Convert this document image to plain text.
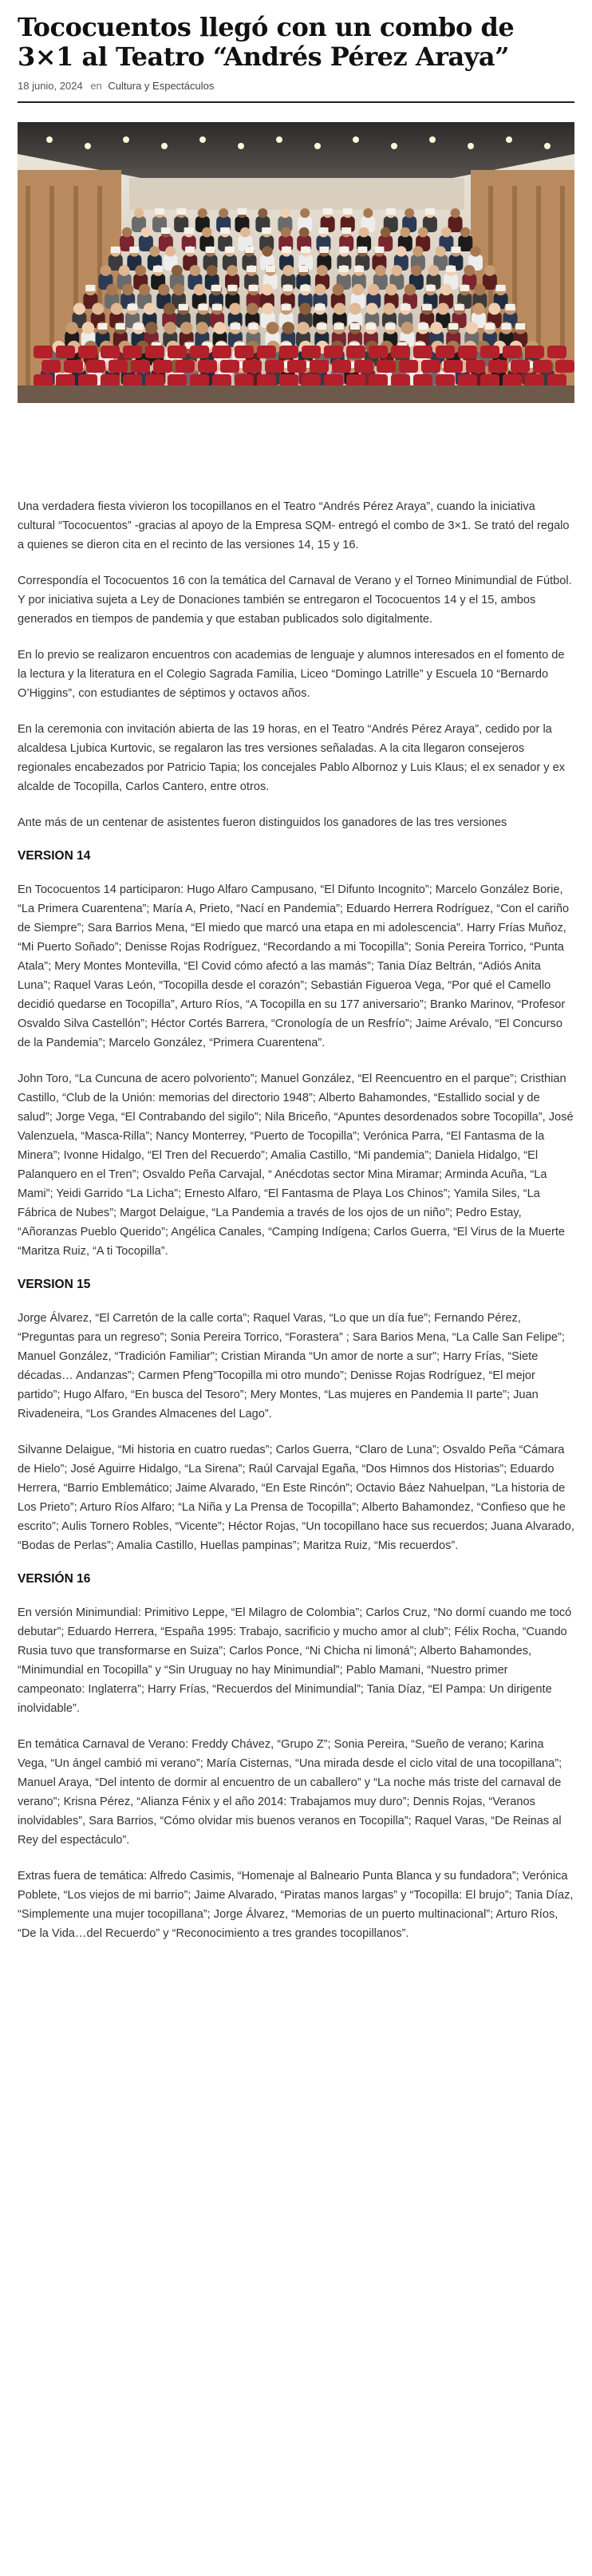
Tococuentos llegó con un combo de 3×1 al Teatro “Andrés Pérez Araya”
18 junio, 2024 en Cultura y Espectáculos

Una verdadera fiesta vivieron los tocopillanos en el Teatro “Andrés Pérez Araya”, cuando la iniciativa cultural “Tococuentos” -gracias al apoyo de la Empresa SQM- entregó el combo de 3×1. Se trató del regalo a quienes se dieron cita en el recinto de las versiones 14, 15 y 16.

Correspondía el Tococuentos 16 con la temática del Carnaval de Verano y el Torneo Minimundial de Fútbol. Y por iniciativa sujeta a Ley de Donaciones también se entregaron el Tococuentos 14 y el 15, ambos generados en tiempos de pandemia y que estaban publicados solo digitalmente.

En lo previo se realizaron encuentros con academias de lenguaje y alumnos interesados en el fomento de la lectura y la literatura en el Colegio Sagrada Familia, Liceo “Domingo Latrille” y Escuela 10 “Bernardo O’Higgins”, con estudiantes de séptimos y octavos años.

En la ceremonia con invitación abierta de las 19 horas, en el Teatro “Andrés Pérez Araya”, cedido por la alcaldesa Ljubica Kurtovic, se regalaron las tres versiones señaladas. A la cita llegaron consejeros regionales encabezados por Patricio Tapia; los concejales Pablo Albornoz y Luis Klaus; el ex senador y ex alcalde de Tocopilla, Carlos Cantero, entre otros.

Ante más de un centenar de asistentes fueron distinguidos los ganadores de las tres versiones

VERSION 14

En Tococuentos 14 participaron: Hugo Alfaro Campusano, “El Difunto Incognito”; Marcelo González Borie, “La Primera Cuarentena”; María A, Prieto, “Nací en Pandemia”; Eduardo Herrera Rodríguez, “Con el cariño de Siempre”; Sara Barrios Mena, “El miedo que marcó una etapa en mi adolescencia”. Harry Frías Muñoz, “Mi Puerto Soñado”; Denisse Rojas Rodríguez, “Recordando a mi Tocopilla”; Sonia Pereira Torrico, “Punta Atala”; Mery Montes Montevilla, “El Covid cómo afectó a las mamás”; Tania Díaz Beltrán, “Adiós Anita Luna”; Raquel Varas León, “Tocopilla desde el corazón”; Sebastián Figueroa Vega, “Por qué el Camello decidió quedarse en Tocopilla”, Arturo Ríos, “A Tocopilla en su 177 aniversario”; Branko Marinov, “Profesor Osvaldo Silva Castellón”; Héctor Cortés Barrera, “Cronología de un Resfrío”; Jaime Arévalo, “El Concurso de la Pandemia”; Marcelo González, “Primera Cuarentena”.

John Toro, “La Cuncuna de acero polvoriento”; Manuel González, “El Reencuentro en el parque”; Cristhian Castillo, “Club de la Unión: memorias del directorio 1948”; Alberto Bahamondes, “Estallido social y de salud”; Jorge Vega, “El Contrabando del sigilo”; Nila Briceño, “Apuntes desordenados sobre Tocopilla”, José Valenzuela, “Masca-Rilla”; Nancy Monterrey, “Puerto de Tocopilla”; Verónica Parra, “El Fantasma de la Minera”; Ivonne Hidalgo, “El Tren del Recuerdo”; Amalia Castillo, “Mi pandemia”; Daniela Hidalgo, “El Palanquero en el Tren”; Osvaldo Peña Carvajal, “ Anécdotas sector Mina Miramar; Arminda Acuña, “La Mami”; Yeidi Garrido “La Licha”; Ernesto Alfaro, “El Fantasma de Playa Los Chinos”; Yamila Siles, “La Fábrica de Nubes”; Margot Delaigue, “La Pandemia a través de los ojos de un niño”; Pedro Estay, “Añoranzas Pueblo Querido”; Angélica Canales, “Camping Indígena; Carlos Guerra, “El Virus de la Muerte “Maritza Ruiz, “A ti Tocopilla”.

VERSION 15

Jorge Álvarez, “El Carretón de la calle corta”; Raquel Varas, “Lo que un día fue”; Fernando Pérez, “Preguntas para un regreso”; Sonia Pereira Torrico, “Forastera” ; Sara Barios Mena, “La Calle San Felipe”; Manuel González, “Tradición Familiar”; Cristian Miranda “Un amor de norte a sur”; Harry Frías, “Siete décadas… Andanzas”; Carmen Pfeng”Tocopilla mi otro mundo”; Denisse Rojas Rodríguez, “El mejor partido”; Hugo Alfaro, “En busca del Tesoro”; Mery Montes, “Las mujeres en Pandemia II parte”; Juan Rivadeneira, “Los Grandes Almacenes del Lago”.

Silvanne Delaigue, “Mi historia en cuatro ruedas”; Carlos Guerra, “Claro de Luna”; Osvaldo Peña “Cámara de Hielo”; José Aguirre Hidalgo, “La Sirena”; Raúl Carvajal Egaña, “Dos Himnos dos Historias”; Eduardo Herrera, “Barrio Emblemático; Jaime Alvarado, “En Este Rincón”; Octavio Báez Nahuelpan, “La historia de Los Prieto”; Arturo Ríos Alfaro; “La Niña y La Prensa de Tocopilla”; Alberto Bahamondez, “Confieso que he escrito”; Aulis Tornero Robles, “Vicente”; Héctor Rojas, “Un tocopillano hace sus recuerdos; Juana Alvarado, “Bodas de Perlas”; Amalia Castillo, Huellas pampinas”; Maritza Ruiz, “Mis recuerdos”.

VERSIÓN 16

En versión Minimundial: Primitivo Leppe, “El Milagro de Colombia”; Carlos Cruz, “No dormí cuando me tocó debutar”; Eduardo Herrera, “España 1995: Trabajo, sacrificio y mucho amor al club”; Félix Rocha, “Cuando Rusia tuvo que transformarse en Suiza”; Carlos Ponce, “Ni Chicha ni limoná”; Alberto Bahamondes, “Minimundial en Tocopilla” y “Sin Uruguay no hay Minimundial”; Pablo Mamani, “Nuestro primer campeonato: Inglaterra”; Harry Frías, “Recuerdos del Minimundial”; Tania Díaz, “El Pampa: Un dirigente inolvidable”.

En temática Carnaval de Verano: Freddy Chávez, “Grupo Z”; Sonia Pereira, “Sueño de verano; Karina Vega, “Un ángel cambió mi verano”; María Cisternas, “Una mirada desde el ciclo vital de una tocopillana”; Manuel Araya, “Del intento de dormir al encuentro de un caballero” y “La noche más triste del carnaval de verano”; Krisna Pérez, “Alianza Fénix y el año 2014: Trabajamos muy duro”; Dennis Rojas, “Veranos inolvidables”, Sara Barrios, “Cómo olvidar mis buenos veranos en Tocopilla”; Raquel Varas, “De Reinas al Rey del espectáculo”.

Extras fuera de temática: Alfredo Casimis, “Homenaje al Balneario Punta Blanca y su fundadora”; Verónica Poblete, “Los viejos de mi barrio”; Jaime Alvarado, “Piratas manos largas” y “Tocopilla: El brujo”; Tania Díaz, “Simplemente una mujer tocopillana”; Jorge Álvarez, “Memorias de un puerto multinacional”; Arturo Ríos, “De la Vida…del Recuerdo” y “Reconocimiento a tres grandes tocopillanos”.
